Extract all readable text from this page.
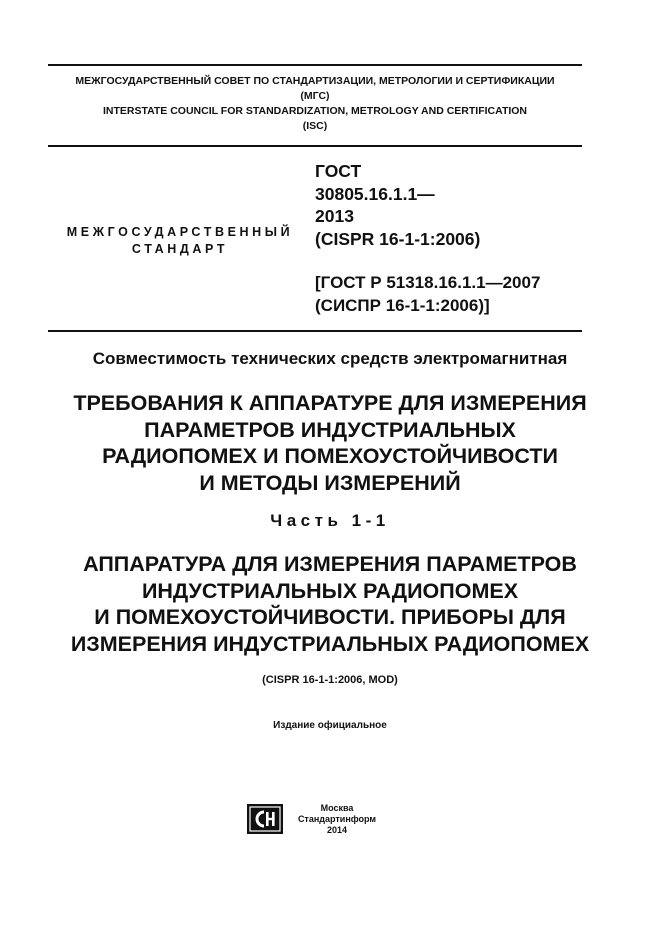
МЕЖГОСУДАРСТВЕННЫЙ СОВЕТ ПО СТАНДАРТИЗАЦИИ, МЕТРОЛОГИИ И СЕРТИФИКАЦИИ
(МГС)
INTERSTATE COUNCIL FOR STANDARDIZATION, METROLOGY AND CERTIFICATION
(ISC)
МЕЖГОСУДАРСТВЕННЫЙ
СТАНДАРТ
ГОСТ
30805.16.1.1—
2013
(CISPR 16-1-1:2006)
[ГОСТ Р 51318.16.1.1—2007
(СИСПР 16-1-1:2006)]
Совместимость технических средств электромагнитная
ТРЕБОВАНИЯ К АППАРАТУРЕ ДЛЯ ИЗМЕРЕНИЯ
ПАРАМЕТРОВ ИНДУСТРИАЛЬНЫХ
РАДИОПОМЕХ И ПОМЕХОУСТОЙЧИВОСТИ
И МЕТОДЫ ИЗМЕРЕНИЙ
Часть 1-1
АППАРАТУРА ДЛЯ ИЗМЕРЕНИЯ ПАРАМЕТРОВ
ИНДУСТРИАЛЬНЫХ РАДИОПОМЕХ
И ПОМЕХОУСТОЙЧИВОСТИ. ПРИБОРЫ ДЛЯ
ИЗМЕРЕНИЯ ИНДУСТРИАЛЬНЫХ РАДИОПОМЕХ
(CISPR 16-1-1:2006, MOD)
Издание официальное
Москва
Стандартинформ
2014
